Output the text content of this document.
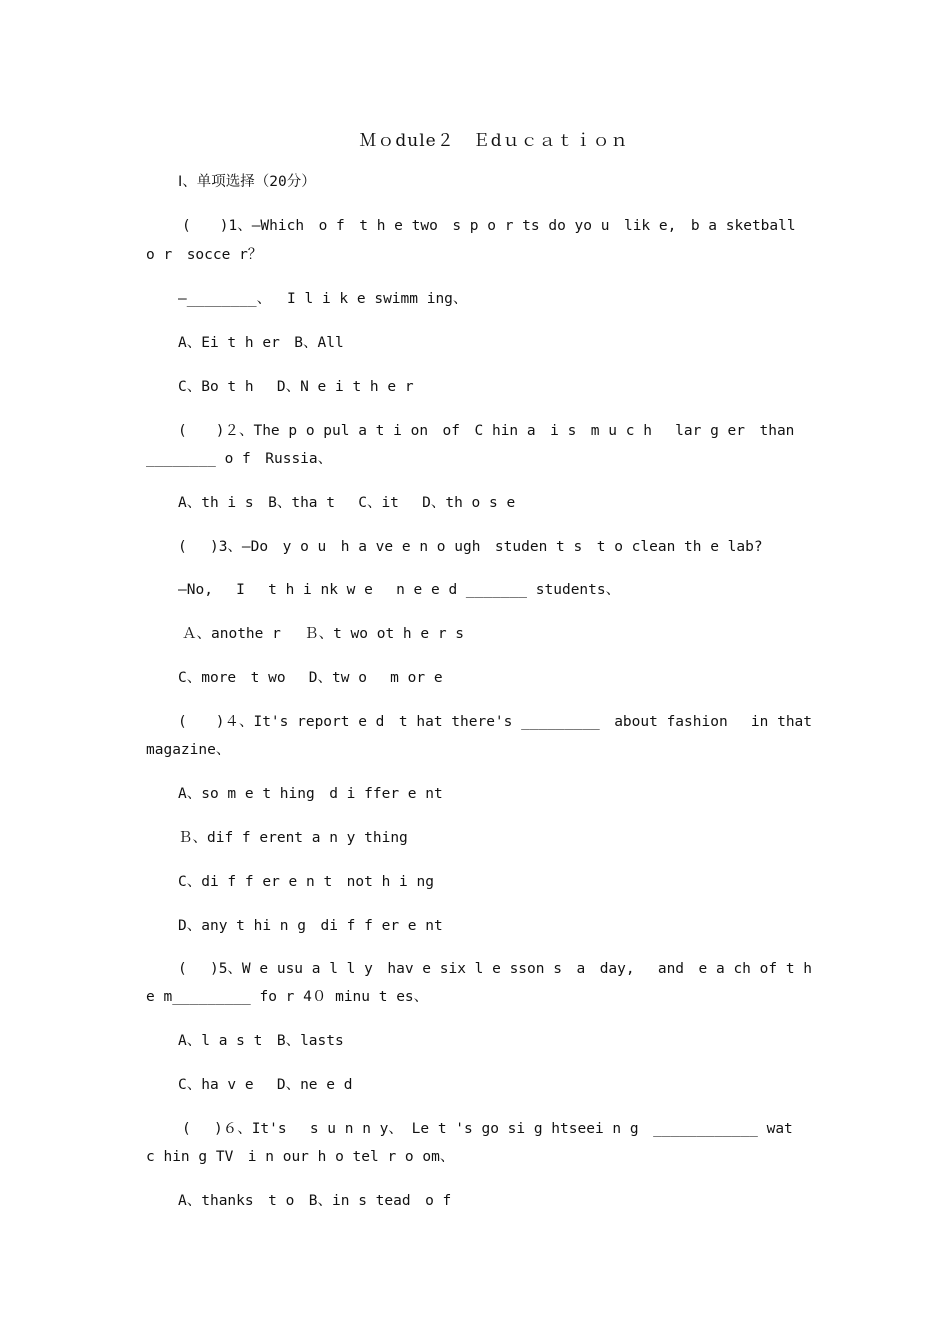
Ｍｏdule２　Ｅdｕｃａｔｉｏｎ
Ⅰ、单项选择（20分）
(　　)1、—Which　o f　t h e two　s p o r ts do yo u　lik e,　b a sketball
o r　socce r？
—________、　 I l i k e swimm ing、
A、Ei t h er　B、All
C、Bo t h　 D、N e i t h e r
(　　)２、The p o pul a t i on　of　C hin a　i s　m u c h　 lar g er　than
________ o f　Russia、
A、th i s　B、tha t　 C、it　 D、th o s e
(　 )3、—Do　y o u　h a ve e n o ugh　studen t s　t o clean th e lab?
—No,　 I　 t h i nk w e　 n e e d _______ students、
Ａ、anothe r　 Ｂ、t wo ot h e r s
C、more　t wo　 D、tw o　 m or e
(　　)４、It's report e d　t hat there's _________　about fashion　 in that
magazine、
A、so m e t hing　d i ffer e nt
Ｂ、dif f erent a n y thing
C、di f f er e n t　not h i ng
D、any t hi n g　di f f er e nt
(　 )5、W e usu a l l y　hav e six l e sson s　a　day,　 and　e a ch of t h
e m_________ fo r 4０ minu t es、
A、l a s t　B、lasts
C、ha v e　 D、ne e d
(　 )６、It's　 s u n n y、 Le t 's go si g htseei n g　____________ wat
c hin g TV　i n our h o tel r o om、
A、thanks　t o　B、in s tead　o f
